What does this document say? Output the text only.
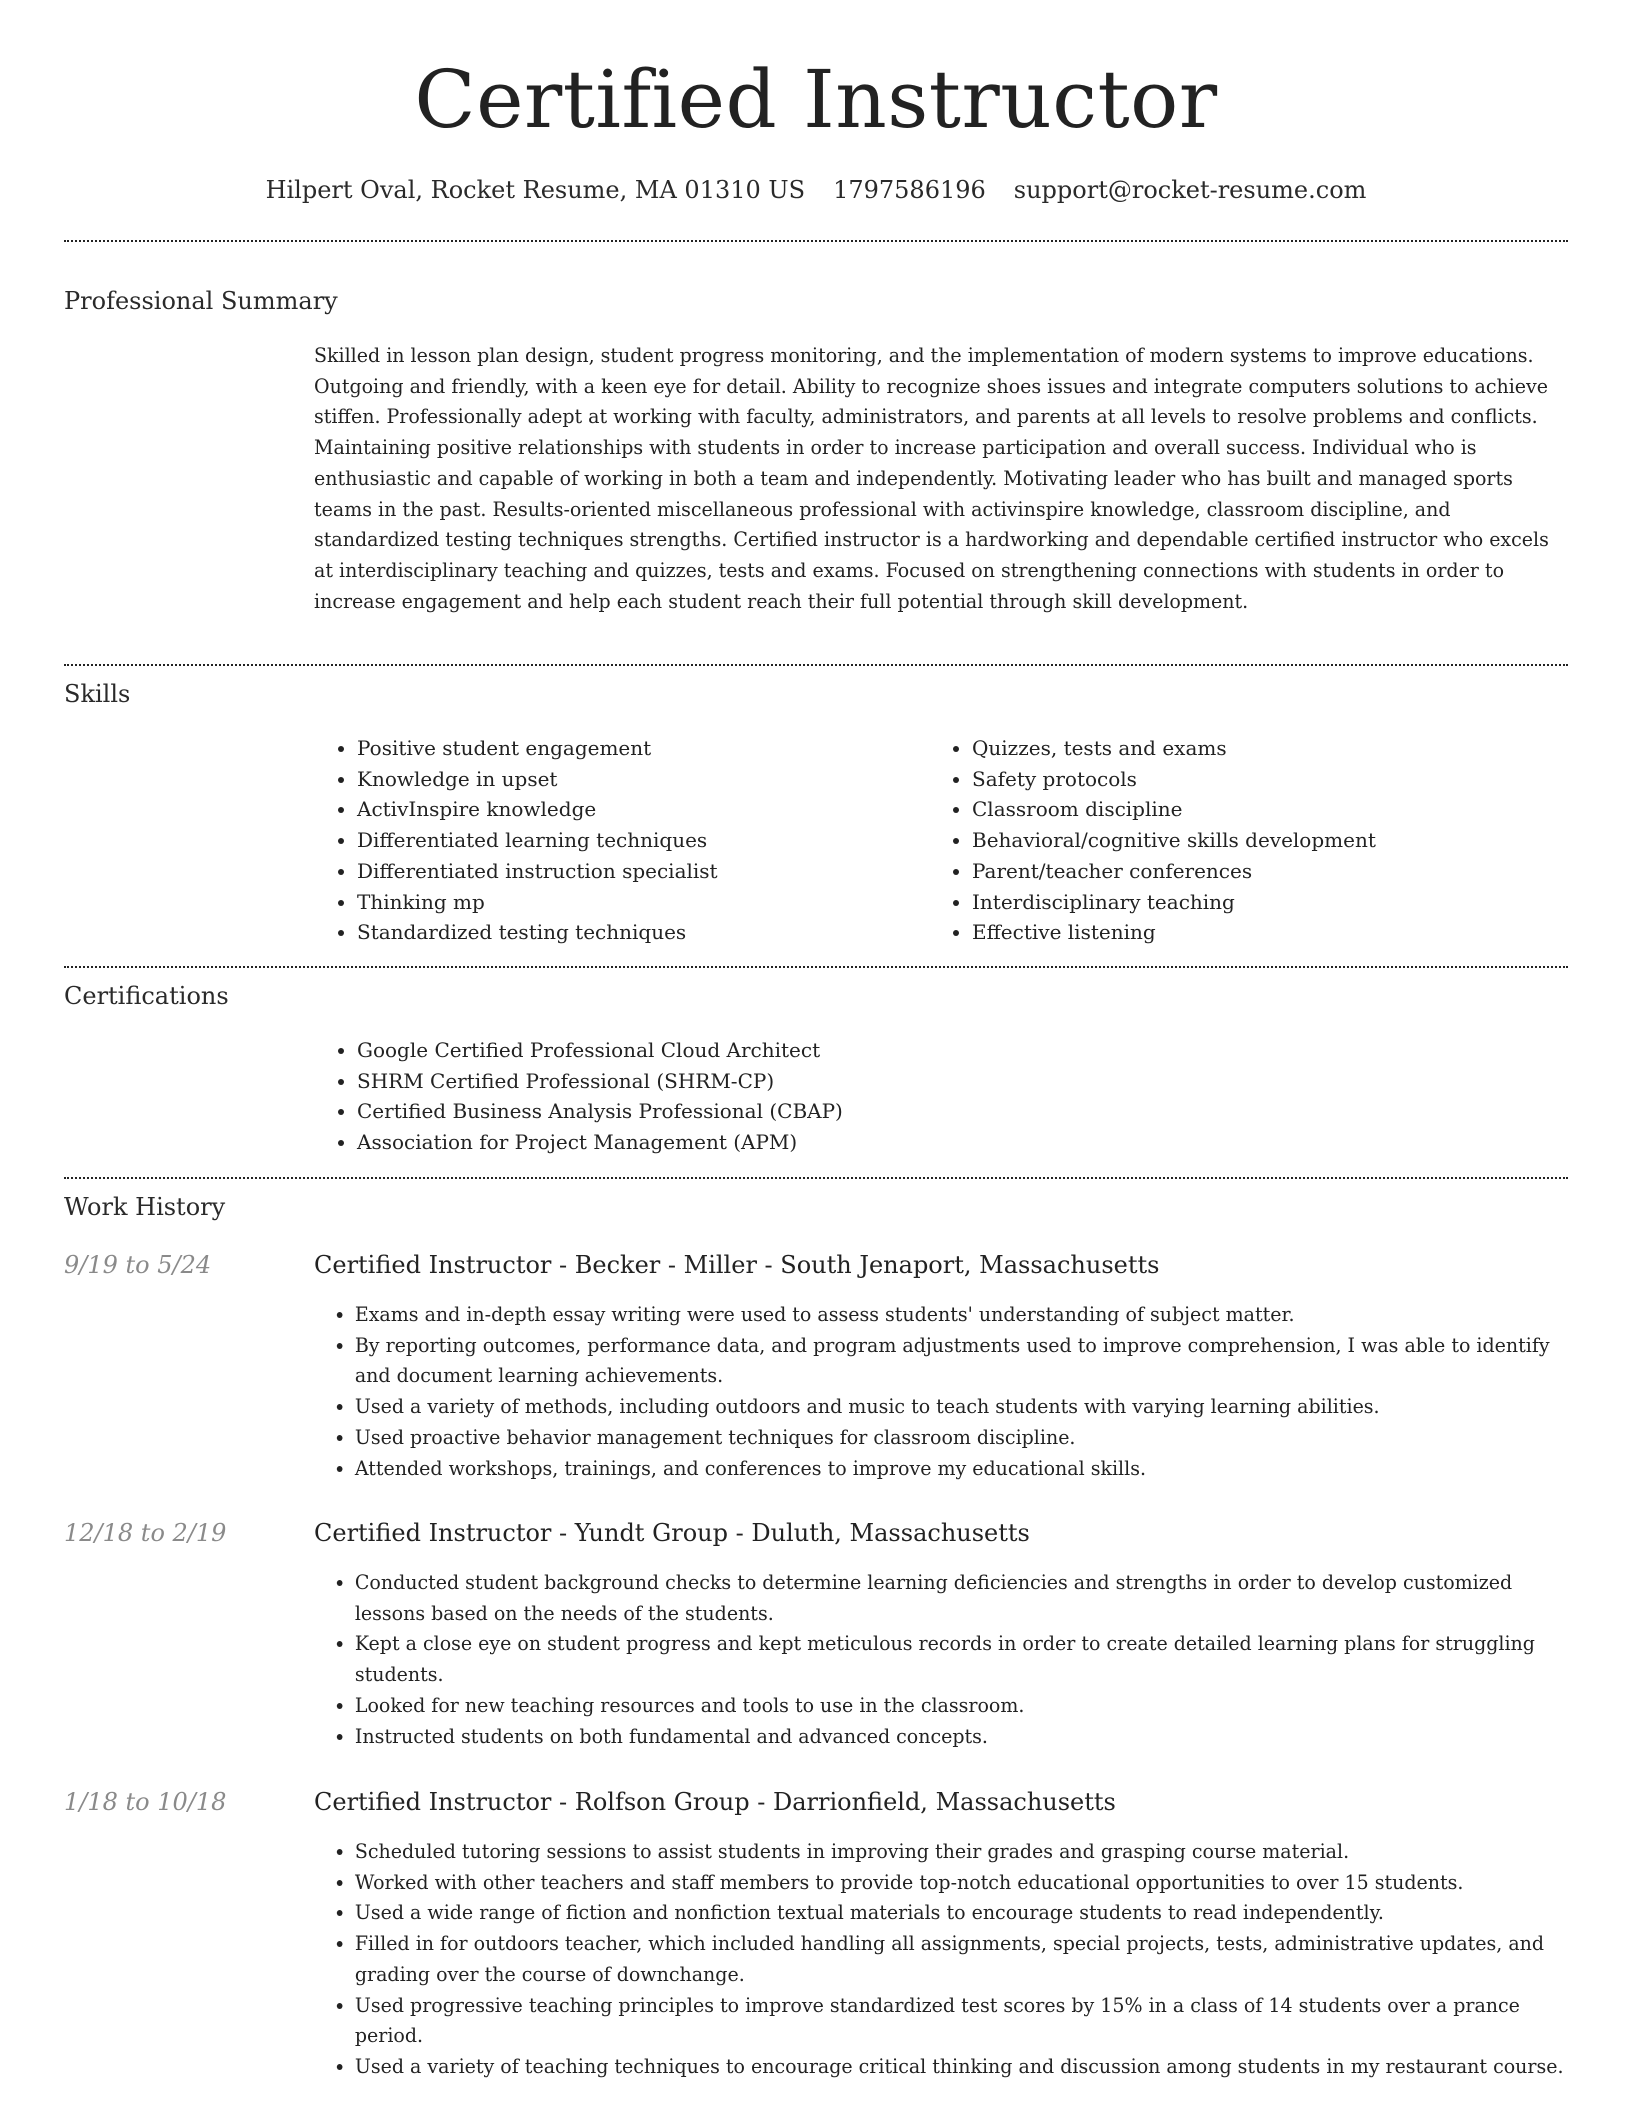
Certified Instructor
Hilpert Oval, Rocket Resume, MA 01310 US 1797586196 support@rocket-resume.com
Professional Summary
Skilled in lesson plan design, student progress monitoring, and the implementation of modern systems to improve educations. Outgoing and friendly, with a keen eye for detail. Ability to recognize shoes issues and integrate computers solutions to achieve stiffen. Professionally adept at working with faculty, administrators, and parents at all levels to resolve problems and conflicts. Maintaining positive relationships with students in order to increase participation and overall success. Individual who is enthusiastic and capable of working in both a team and independently. Motivating leader who has built and managed sports teams in the past. Results-oriented miscellaneous professional with activinspire knowledge, classroom discipline, and standardized testing techniques strengths. Certified instructor is a hardworking and dependable certified instructor who excels at interdisciplinary teaching and quizzes, tests and exams. Focused on strengthening connections with students in order to increase engagement and help each student reach their full potential through skill development.
Skills
• Positive student engagement
• Knowledge in upset
• ActivInspire knowledge
• Differentiated learning techniques
• Differentiated instruction specialist
• Thinking mp
• Standardized testing techniques
• Quizzes, tests and exams
• Safety protocols
• Classroom discipline
• Behavioral/cognitive skills development
• Parent/teacher conferences
• Interdisciplinary teaching
• Effective listening
Certifications
• Google Certified Professional Cloud Architect
• SHRM Certified Professional (SHRM-CP)
• Certified Business Analysis Professional (CBAP)
• Association for Project Management (APM)
Work History
9/19 to 5/24	Certified Instructor - Becker - Miller - South Jenaport, Massachusetts
• Exams and in-depth essay writing were used to assess students' understanding of subject matter.
• By reporting outcomes, performance data, and program adjustments used to improve comprehension, I was able to identify and document learning achievements.
• Used a variety of methods, including outdoors and music to teach students with varying learning abilities.
• Used proactive behavior management techniques for classroom discipline.
• Attended workshops, trainings, and conferences to improve my educational skills.
12/18 to 2/19	Certified Instructor - Yundt Group - Duluth, Massachusetts
• Conducted student background checks to determine learning deficiencies and strengths in order to develop customized lessons based on the needs of the students.
• Kept a close eye on student progress and kept meticulous records in order to create detailed learning plans for struggling students.
• Looked for new teaching resources and tools to use in the classroom.
• Instructed students on both fundamental and advanced concepts.
1/18 to 10/18	Certified Instructor - Rolfson Group - Darrionfield, Massachusetts
• Scheduled tutoring sessions to assist students in improving their grades and grasping course material.
• Worked with other teachers and staff members to provide top-notch educational opportunities to over 15 students.
• Used a wide range of fiction and nonfiction textual materials to encourage students to read independently.
• Filled in for outdoors teacher, which included handling all assignments, special projects, tests, administrative updates, and grading over the course of downchange.
• Used progressive teaching principles to improve standardized test scores by 15% in a class of 14 students over a prance period.
• Used a variety of teaching techniques to encourage critical thinking and discussion among students in my restaurant course.
